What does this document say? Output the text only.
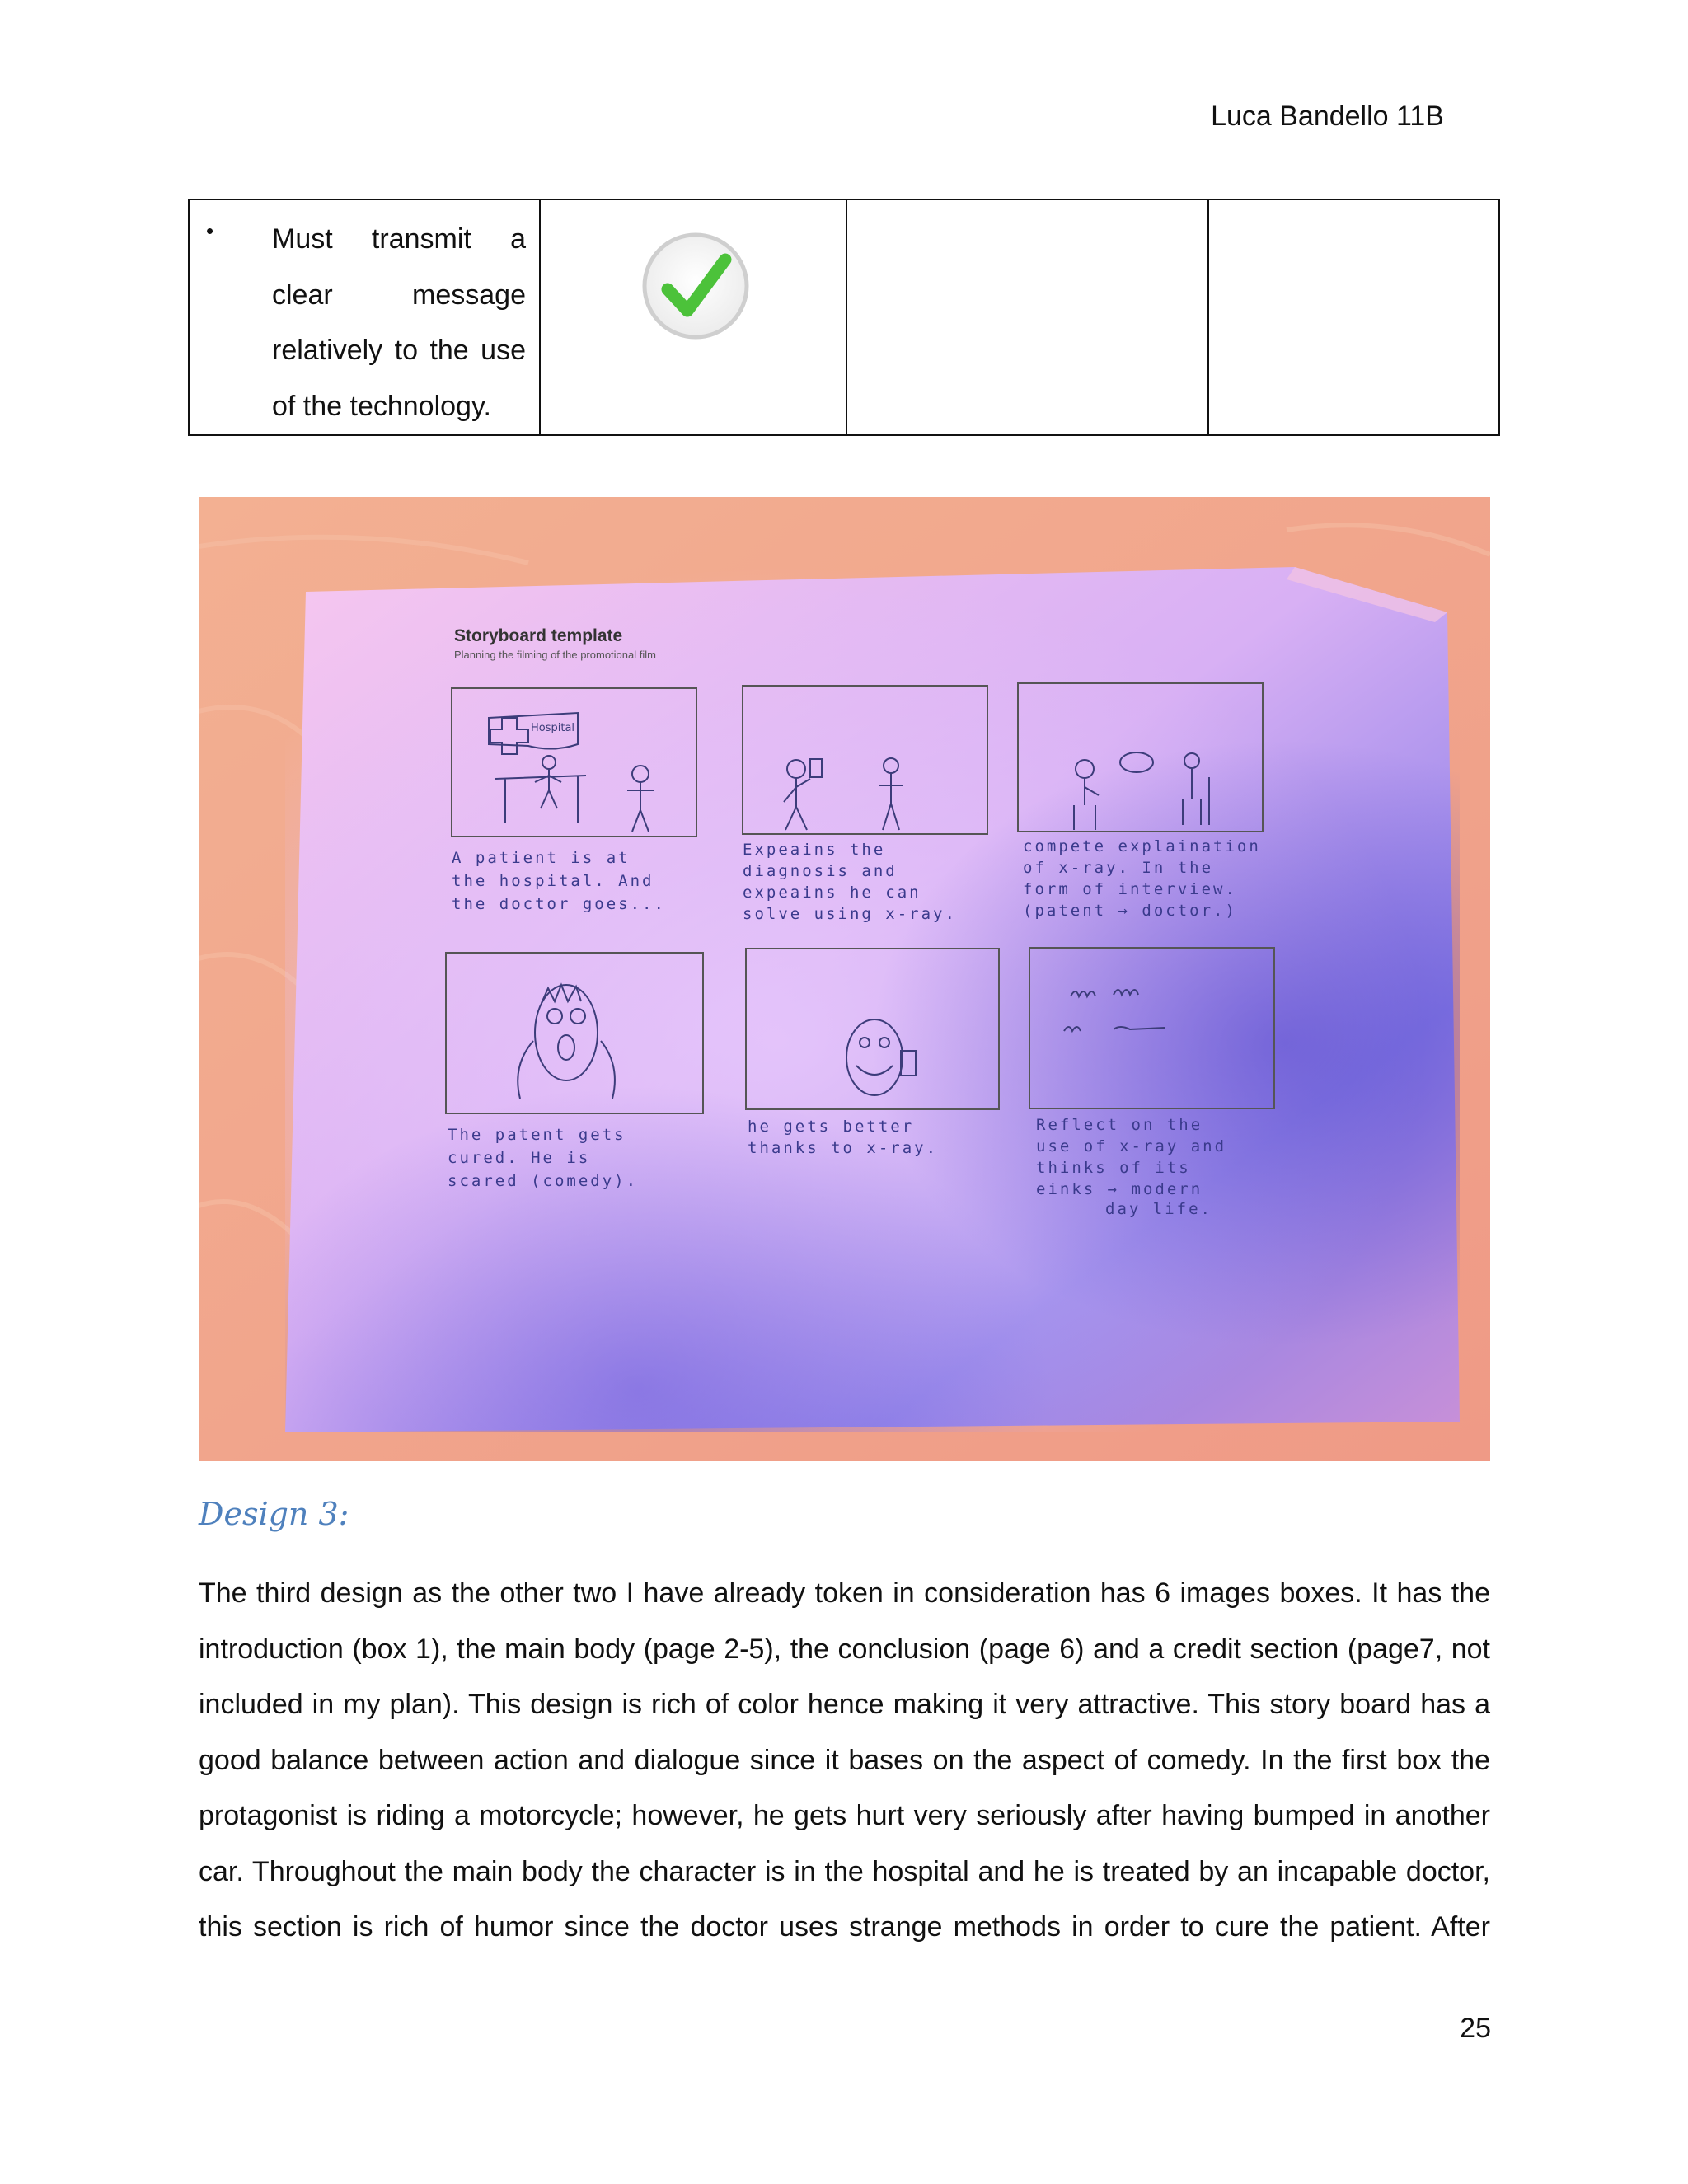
Luca Bandello 11B
•	Must transmit a clear message relatively to the use of the technology.

Storyboard template
Planning the filming of the promotional film
Hospital
A patient is at
the hospital. And
the doctor goes...
Expeains the
diagnosis and
expeains he can
solve using x-ray.
compete explaination
of x-ray. In the
form of interview.
(patent → doctor.)
The patent gets
cured. He is
scared (comedy).
he gets better
thanks to x-ray.
Reflect on the
use of x-ray and
thinks of its
einks → modern
day life.
Design 3:
The third design as the other two I have already token in consideration has 6 images boxes. It has the
introduction (box 1), the main body (page 2-5), the conclusion (page 6) and a credit section (page7, not
included in my plan). This design is rich of color hence making it very attractive. This story board has a
good balance between action and dialogue since it bases on the aspect of comedy. In the first box the
protagonist is riding a motorcycle; however, he gets hurt very seriously after having bumped in another
car. Throughout the main body the character is in the hospital and he is treated by an incapable doctor,
this section is rich of humor since the doctor uses strange methods in order to cure the patient. After
25
